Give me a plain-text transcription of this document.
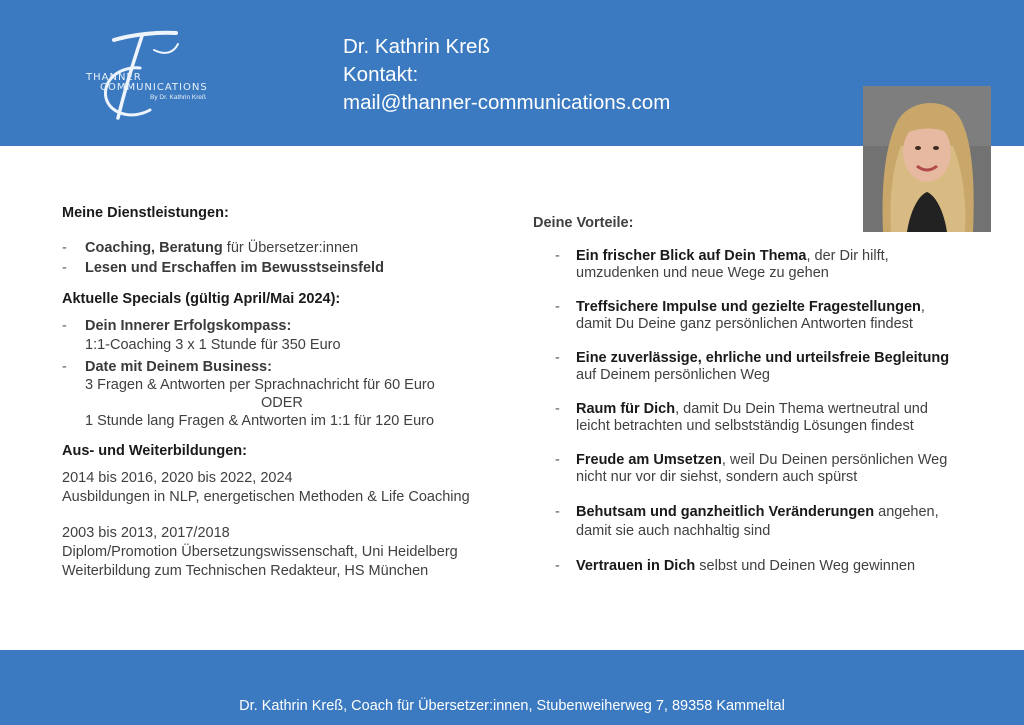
THANNER
COMMUNICATIONS
By Dr. Kathrin Kreß
Dr. Kathrin Kreß
Kontakt:
mail@thanner-communications.com
Meine Dienstleistungen:
- Coaching, Beratung für Übersetzer:innen
- Lesen und Erschaffen im Bewusstseinsfeld
Aktuelle Specials (gültig April/Mai 2024):
- Dein Innerer Erfolgskompass:
1:1-Coaching 3 x 1 Stunde für 350 Euro
- Date mit Deinem Business:
3 Fragen & Antworten per Sprachnachricht für 60 Euro
ODER
1 Stunde lang Fragen & Antworten im 1:1 für 120 Euro
Aus- und Weiterbildungen:
2014 bis 2016, 2020 bis 2022, 2024
Ausbildungen in NLP, energetischen Methoden & Life Coaching
2003 bis 2013, 2017/2018
Diplom/Promotion Übersetzungswissenschaft, Uni Heidelberg
Weiterbildung zum Technischen Redakteur, HS München
Deine Vorteile:
- Ein frischer Blick auf Dein Thema, der Dir hilft,
umzudenken und neue Wege zu gehen
- Treffsichere Impulse und gezielte Fragestellungen,
damit Du Deine ganz persönlichen Antworten findest
- Eine zuverlässige, ehrliche und urteilsfreie Begleitung
auf Deinem persönlichen Weg
- Raum für Dich, damit Du Dein Thema wertneutral und
leicht betrachten und selbstständig Lösungen findest
- Freude am Umsetzen, weil Du Deinen persönlichen Weg
nicht nur vor dir siehst, sondern auch spürst
- Behutsam und ganzheitlich Veränderungen angehen,
damit sie auch nachhaltig sind
- Vertrauen in Dich selbst und Deinen Weg gewinnen
Dr. Kathrin Kreß, Coach für Übersetzer:innen, Stubenweiherweg 7, 89358 Kammeltal
